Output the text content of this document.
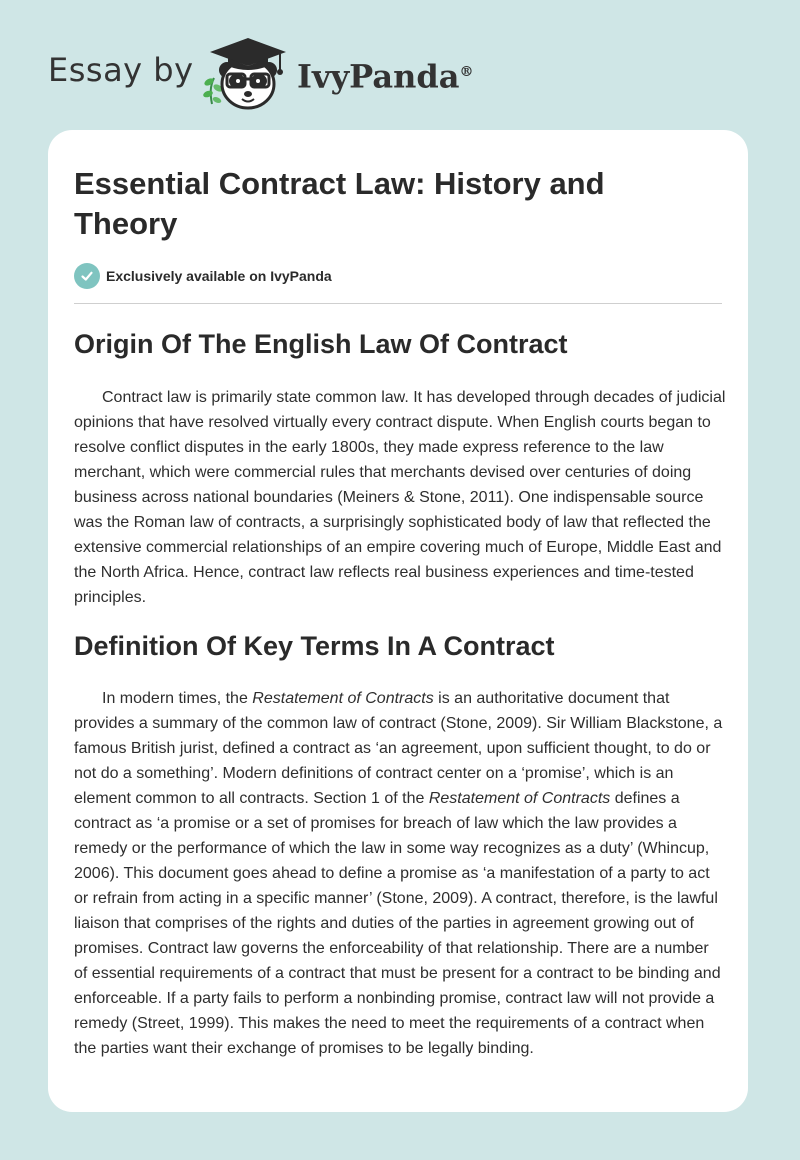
Essay by	IvyPanda®
Essential Contract Law: History and Theory
Exclusively available on IvyPanda
Origin Of The English Law Of Contract

Contract law is primarily state common law. It has developed through decades of judicial opinions that have resolved virtually every contract dispute. When English courts began to resolve conflict disputes in the early 1800s, they made express reference to the law merchant, which were commercial rules that merchants devised over centuries of doing business across national boundaries (Meiners & Stone, 2011). One indispensable source was the Roman law of contracts, a surprisingly sophisticated body of law that reflected the extensive commercial relationships of an empire covering much of Europe, Middle East and the North Africa. Hence, contract law reflects real business experiences and time-tested principles.

Definition Of Key Terms In A Contract

In modern times, the Restatement of Contracts is an authoritative document that provides a summary of the common law of contract (Stone, 2009). Sir William Blackstone, a famous British jurist, defined a contract as ‘an agreement, upon sufficient thought, to do or not do a something’. Modern definitions of contract center on a ‘promise’, which is an element common to all contracts. Section 1 of the Restatement of Contracts defines a contract as ‘a promise or a set of promises for breach of law which the law provides a remedy or the performance of which the law in some way recognizes as a duty’ (Whincup, 2006). This document goes ahead to define a promise as ‘a manifestation of a party to act or refrain from acting in a specific manner’ (Stone, 2009). A contract, therefore, is the lawful liaison that comprises of the rights and duties of the parties in agreement growing out of promises. Contract law governs the enforceability of that relationship. There are a number of essential requirements of a contract that must be present for a contract to be binding and enforceable. If a party fails to perform a nonbinding promise, contract law will not provide a remedy (Street, 1999). This makes the need to meet the requirements of a contract when the parties want their exchange of promises to be legally binding.
